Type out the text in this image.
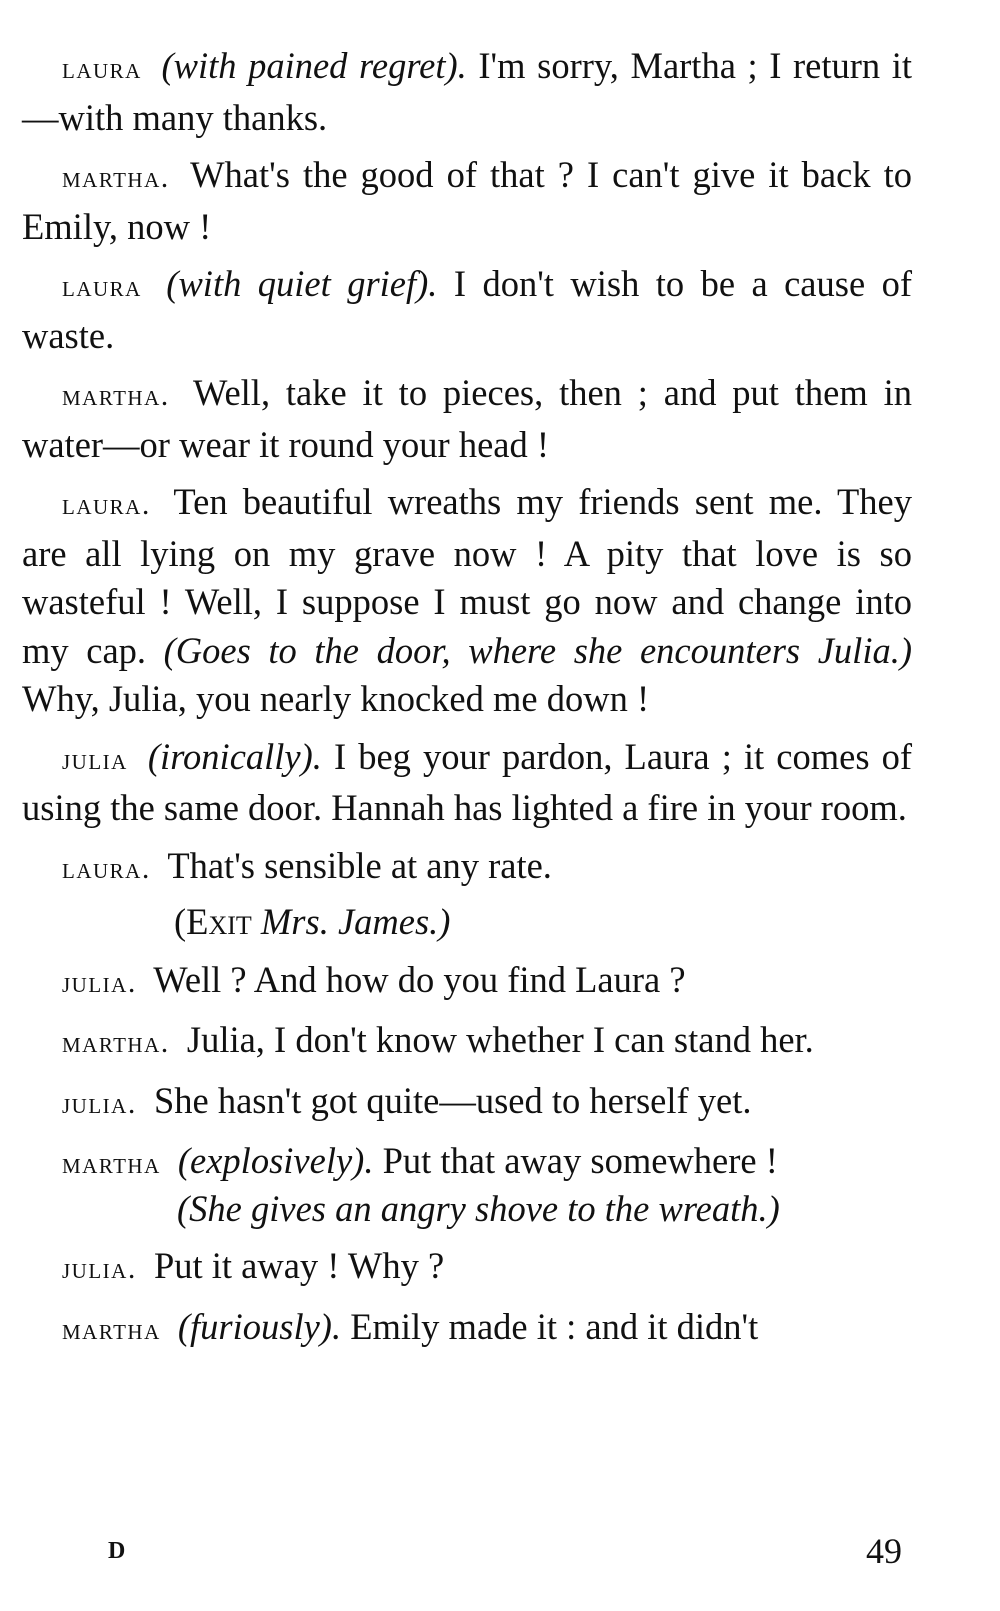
laura (with pained regret). I'm sorry, Martha ; I return it—with many thanks.

martha. What's the good of that ? I can't give it back to Emily, now !

laura (with quiet grief). I don't wish to be a cause of waste.

martha. Well, take it to pieces, then ; and put them in water—or wear it round your head !

laura. Ten beautiful wreaths my friends sent me. They are all lying on my grave now ! A pity that love is so wasteful ! Well, I suppose I must go now and change into my cap. (Goes to the door, where she encounters Julia.) Why, Julia, you nearly knocked me down !

julia (ironically). I beg your pardon, Laura ; it comes of using the same door. Hannah has lighted a fire in your room.

laura. That's sensible at any rate.

(Exit Mrs. James.)

julia. Well ? And how do you find Laura ?

martha. Julia, I don't know whether I can stand her.

julia. She hasn't got quite—used to herself yet.

martha (explosively). Put that away somewhere !

(She gives an angry shove to the wreath.)

julia. Put it away ! Why ?

martha (furiously). Emily made it : and it didn't

D	49
